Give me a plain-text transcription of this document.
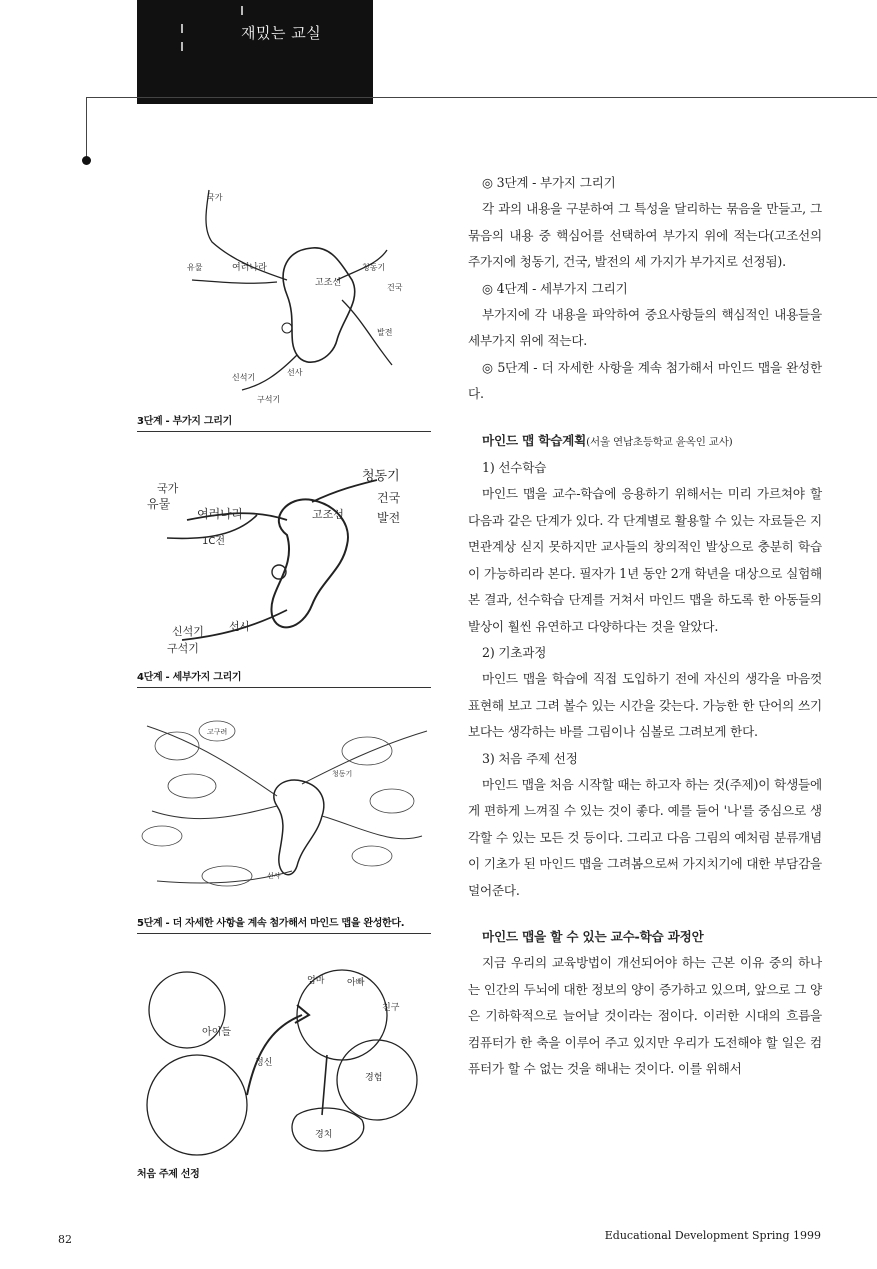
재밌는 교실
여러나라
유물
국가
고조선
청동기
건국
발전
신석기
구석기
선사
3단계 - 부가지 그리기
유물
국가
여러나라
1C전
고조선
청동기
건국
발전
신석기
구석기
선사
4단계 - 세부가지 그리기
고구려
청동기
선사
5단계 - 더 자세한 사항을 계속 첨가해서 마인드 맵을 완성한다.
친구
엄마	아빠
아이들
정신
경험
경치
처음 주제 선정

◎ 3단계 - 부가지 그리기

각 과의 내용을 구분하여 그 특성을 달리하는 묶음을 만들고, 그 묶음의 내용 중 핵심어를 선택하여 부가지 위에 적는다(고조선의 주가지에 청동기, 건국, 발전의 세 가지가 부가지로 선정됨).

◎ 4단계 - 세부가지 그리기

부가지에 각 내용을 파악하여 중요사항들의 핵심적인 내용들을 세부가지 위에 적는다.

◎ 5단계 - 더 자세한 사항을 계속 첨가해서 마인드 맵을 완성한다.

마인드 맵 학습계획(서울 연남초등학교 윤옥인 교사)

1) 선수학습

마인드 맵을 교수-학습에 응용하기 위해서는 미리 가르쳐야 할 다음과 같은 단계가 있다. 각 단계별로 활용할 수 있는 자료들은 지면관계상 싣지 못하지만 교사들의 창의적인 발상으로 충분히 학습이 가능하리라 본다. 필자가 1년 동안 2개 학년을 대상으로 실험해 본 결과, 선수학습 단계를 거쳐서 마인드 맵을 하도록 한 아동들의 발상이 훨씬 유연하고 다양하다는 것을 알았다.

2) 기초과정

마인드 맵을 학습에 직접 도입하기 전에 자신의 생각을 마음껏 표현해 보고 그려 볼수 있는 시간을 갖는다. 가능한 한 단어의 쓰기보다는 생각하는 바를 그림이나 심볼로 그려보게 한다.

3) 처음 주제 선정

마인드 맵을 처음 시작할 때는 하고자 하는 것(주제)이 학생들에게 편하게 느껴질 수 있는 것이 좋다. 예를 들어 '나'를 중심으로 생각할 수 있는 모든 것 등이다. 그리고 다음 그림의 예처럼 분류개념이 기초가 된 마인드 맵을 그려봄으로써 가지치기에 대한 부담감을 덜어준다.

마인드 맵을 할 수 있는 교수-학습 과정안

지금 우리의 교육방법이 개선되어야 하는 근본 이유 중의 하나는 인간의 두뇌에 대한 정보의 양이 증가하고 있으며, 앞으로 그 양은 기하학적으로 늘어날 것이라는 점이다. 이러한 시대의 흐름을 컴퓨터가 한 축을 이루어 주고 있지만 우리가 도전해야 할 일은 컴퓨터가 할 수 없는 것을 해내는 것이다. 이를 위해서

82	Educational Development Spring 1999
